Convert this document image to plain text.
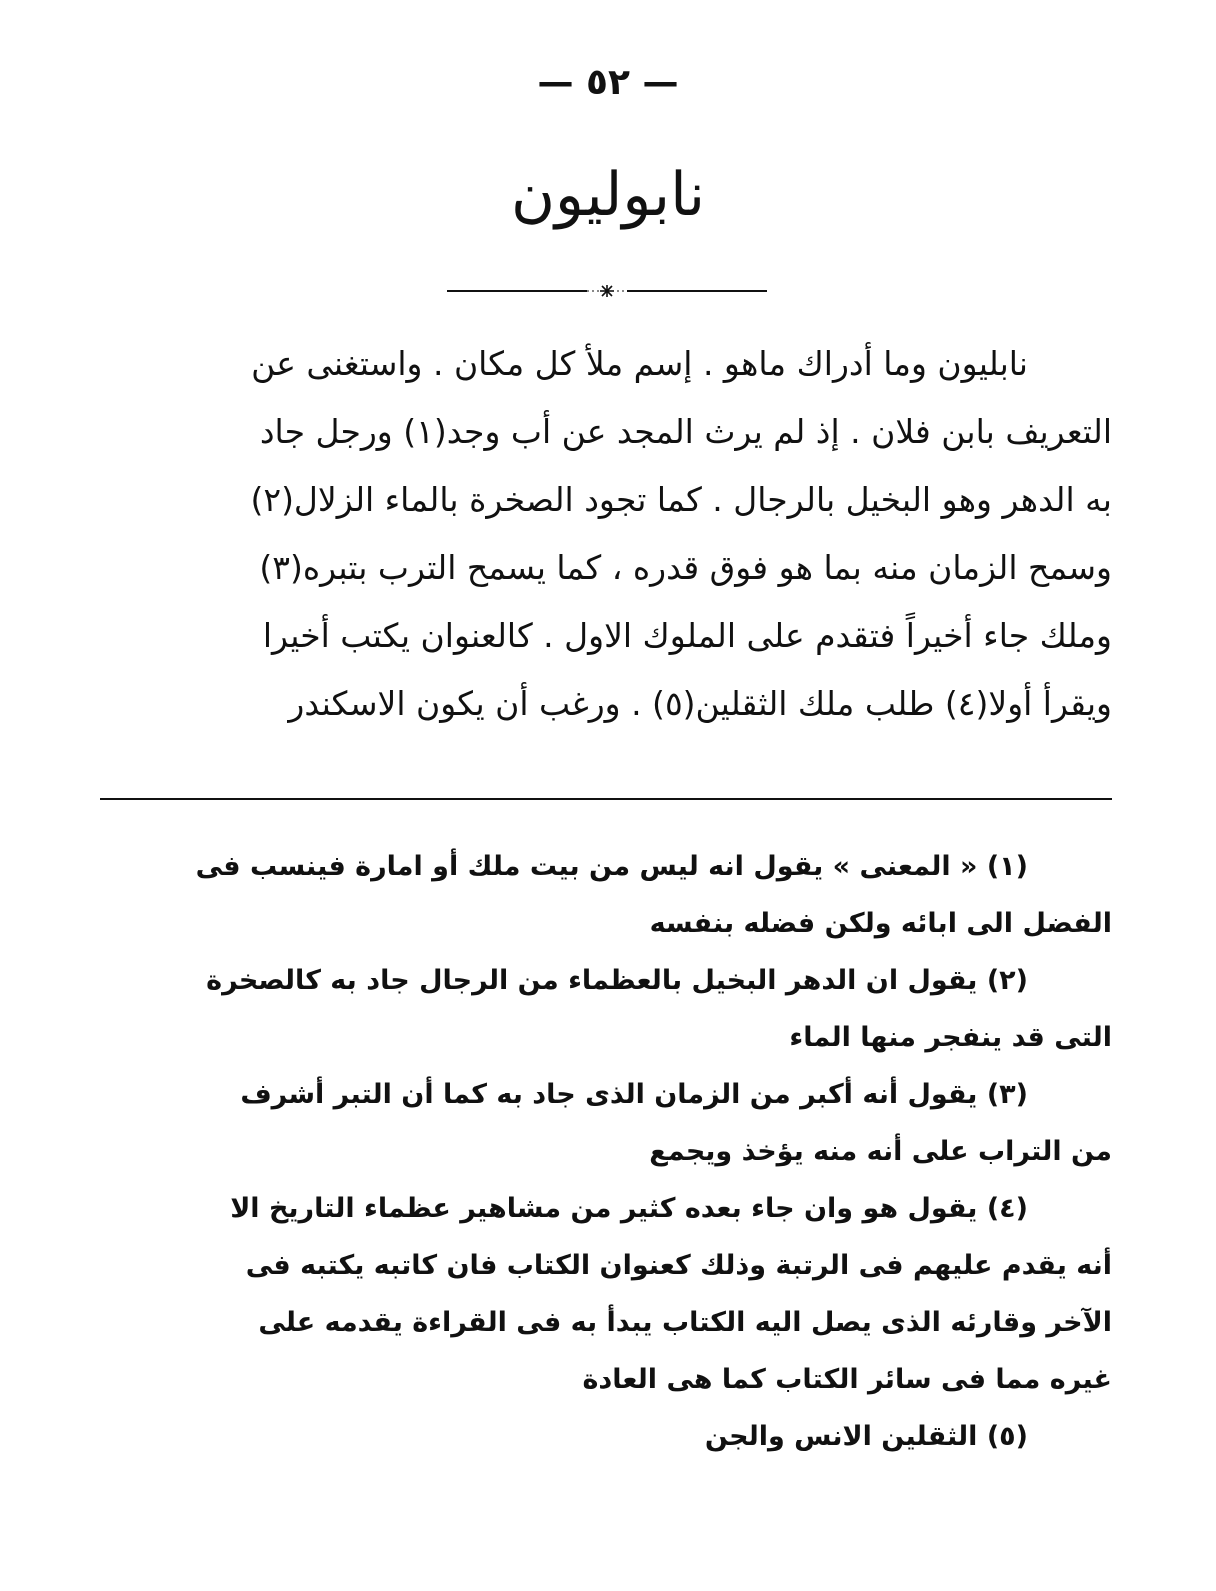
— ٥٢ —
نابوليون
نابليون وما أدراك ماهو . إسم ملأ كل مكان . واستغنى عن
التعريف بابن فلان . إذ لم يرث المجد عن أب وجد(١) ورجل جاد
به الدهر وهو البخيل بالرجال . كما تجود الصخرة بالماء الزلال(٢)
وسمح الزمان منه بما هو فوق قدره ، كما يسمح الترب بتبره(٣)
وملك جاء أخيراً فتقدم على الملوك الاول . كالعنوان يكتب أخيرا
ويقرأ أولا(٤) طلب ملك الثقلين(٥) . ورغب أن يكون الاسكندر
(١) « المعنى » يقول انه ليس من بيت ملك أو امارة فينسب فى
الفضل الى ابائه ولكن فضله بنفسه
(٢) يقول ان الدهر البخيل بالعظماء من الرجال جاد به كالصخرة
التى قد ينفجر منها الماء
(٣) يقول أنه أكبر من الزمان الذى جاد به كما أن التبر أشرف
من التراب على أنه منه يؤخذ ويجمع
(٤) يقول هو وان جاء بعده كثير من مشاهير عظماء التاريخ الا
أنه يقدم عليهم فى الرتبة وذلك كعنوان الكتاب فان كاتبه يكتبه فى
الآخر وقارئه الذى يصل اليه الكتاب يبدأ به فى القراءة يقدمه على
غيره مما فى سائر الكتاب كما هى العادة
(٥) الثقلين الانس والجن
